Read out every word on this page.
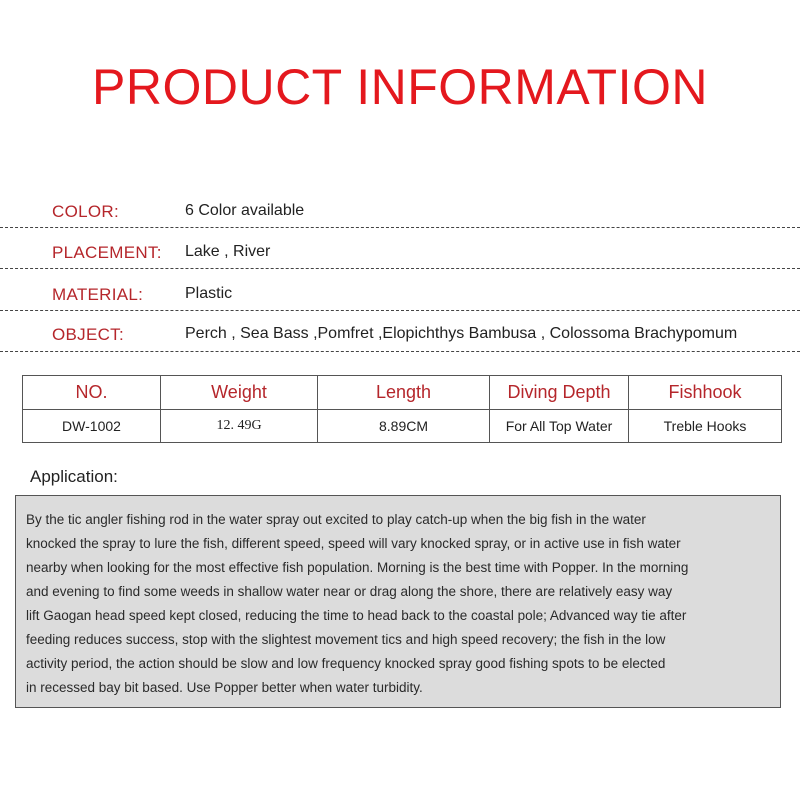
PRODUCT INFORMATION
COLOR:	6 Color available
PLACEMENT: Lake , River
MATERIAL:	Plastic
OBJECT:	Perch , Sea Bass ,Pomfret ,Elopichthys Bambusa , Colossoma Brachypomum
NO.	Weight	Length	Diving Depth	Fishhook
DW-1002	12. 49G	8.89CM	For All Top Water	Treble Hooks
Application:
By the tic angler fishing rod in the water spray out excited to play catch-up when the big fish in the water
knocked the spray to lure the fish, different speed, speed will vary knocked spray, or in active use in fish water
nearby when looking for the most effective fish population. Morning is the best time with Popper. In the morning
and evening to find some weeds in shallow water near or drag along the shore, there are relatively easy way
lift Gaogan head speed kept closed, reducing the time to head back to the coastal pole; Advanced way tie after
feeding reduces success, stop with the slightest movement tics and high speed recovery; the fish in the low
activity period, the action should be slow and low frequency knocked spray good fishing spots to be elected
in recessed bay bit based. Use Popper better when water turbidity.
